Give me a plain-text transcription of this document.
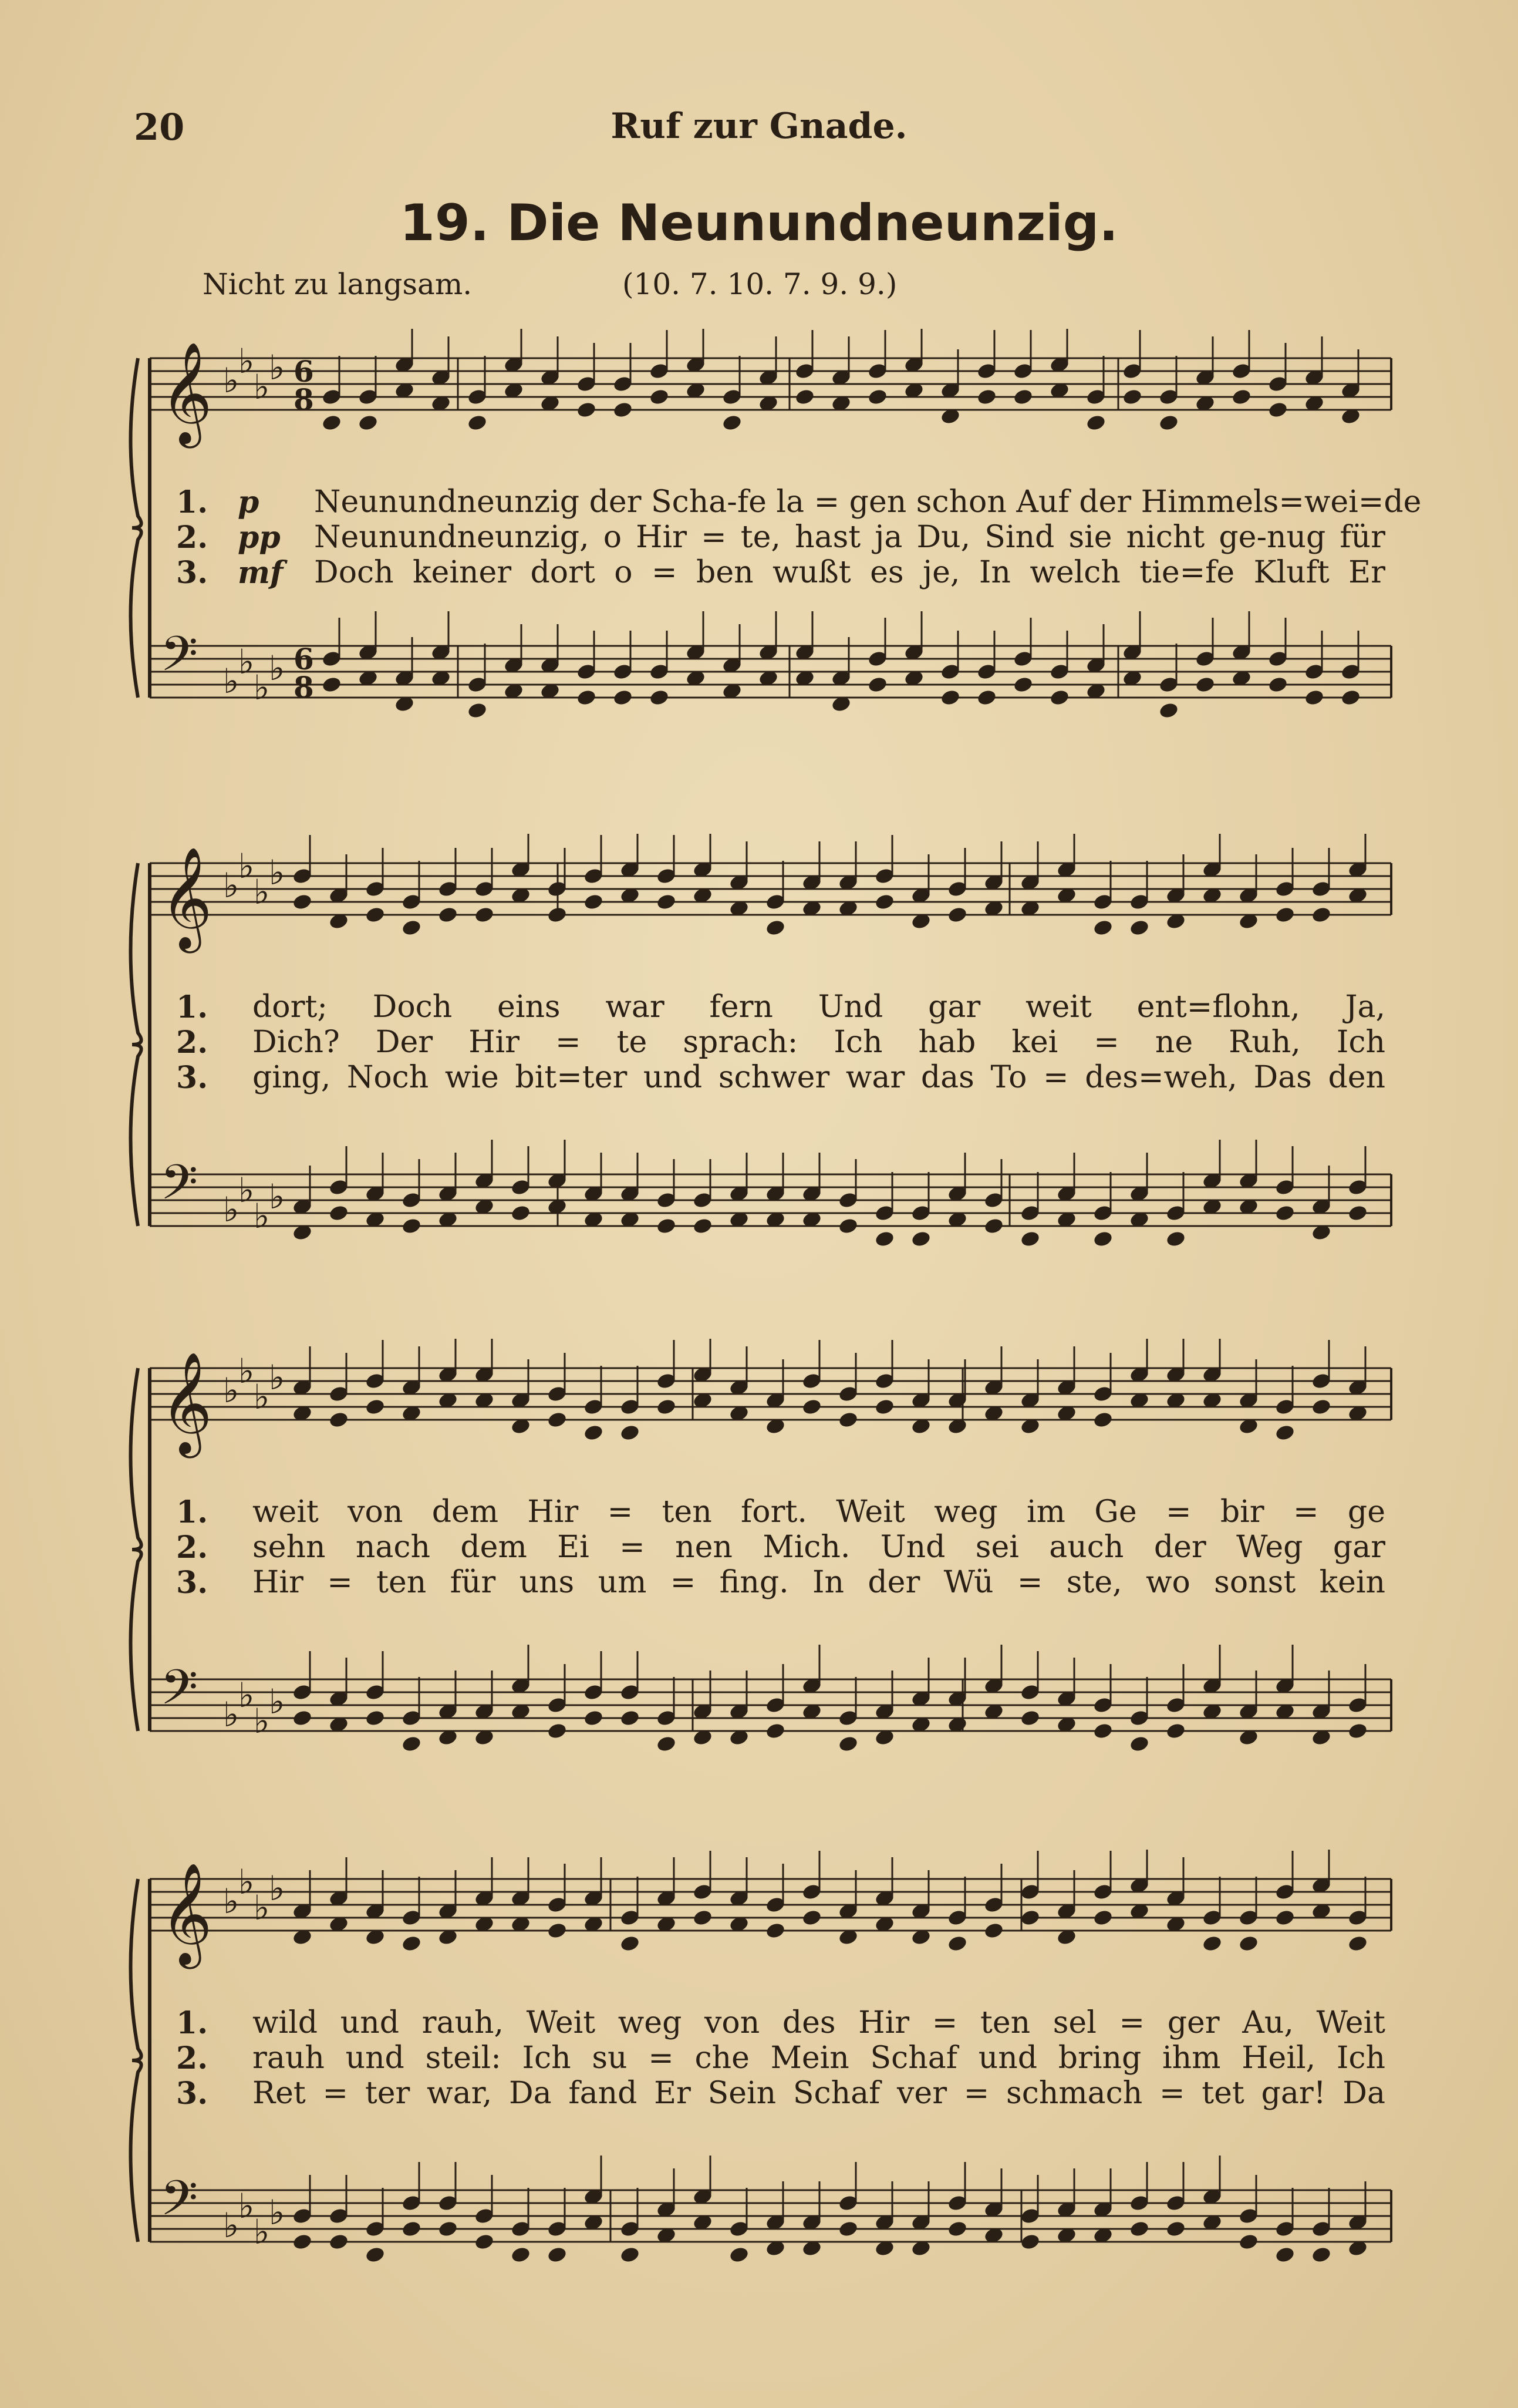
20	Ruf zur Gnade.
19. Die Neunundneunzig.
Nicht zu langsam.	(10. 7. 10. 7. 9. 9.)
𝄞 ♭
♭
♭
♭ 6
8
𝄢 ♭
♭
♭
♭ 6
8
1. p Neunundneunzig der Scha-fe la = gen schon Auf der Himmels=wei=de
2. pp Neunundneunzig, o Hir = te, hast ja Du, Sind sie nicht ge-nug für
3. mf Doch keiner dort o = ben wußt es je, In welch tie=fe Kluft Er
𝄞 ♭
♭
♭
♭
𝄢 ♭
♭
♭
♭
1.	dort; Doch eins war fern Und gar weit ent=flohn, Ja,
2.	Dich? Der Hir = te sprach: Ich hab kei = ne Ruh, Ich
3.	ging, Noch wie bit=ter und schwer war das To = des=weh, Das den
𝄞 ♭
♭
♭
♭
𝄢 ♭
♭
♭
♭
1.	weit von dem Hir = ten fort. Weit weg im Ge = bir = ge
2.	sehn nach dem Ei = nen Mich. Und sei auch der Weg gar
3.	Hir = ten für uns um = fing. In der Wü = ste, wo sonst kein
𝄞 ♭
♭
♭
♭
𝄢 ♭
♭
♭
♭
1.	wild und rauh, Weit weg von des Hir = ten sel = ger Au, Weit
2.	rauh und steil: Ich su = che Mein Schaf und bring ihm Heil, Ich
3.	Ret = ter war, Da fand Er Sein Schaf ver = schmach = tet gar! Da
